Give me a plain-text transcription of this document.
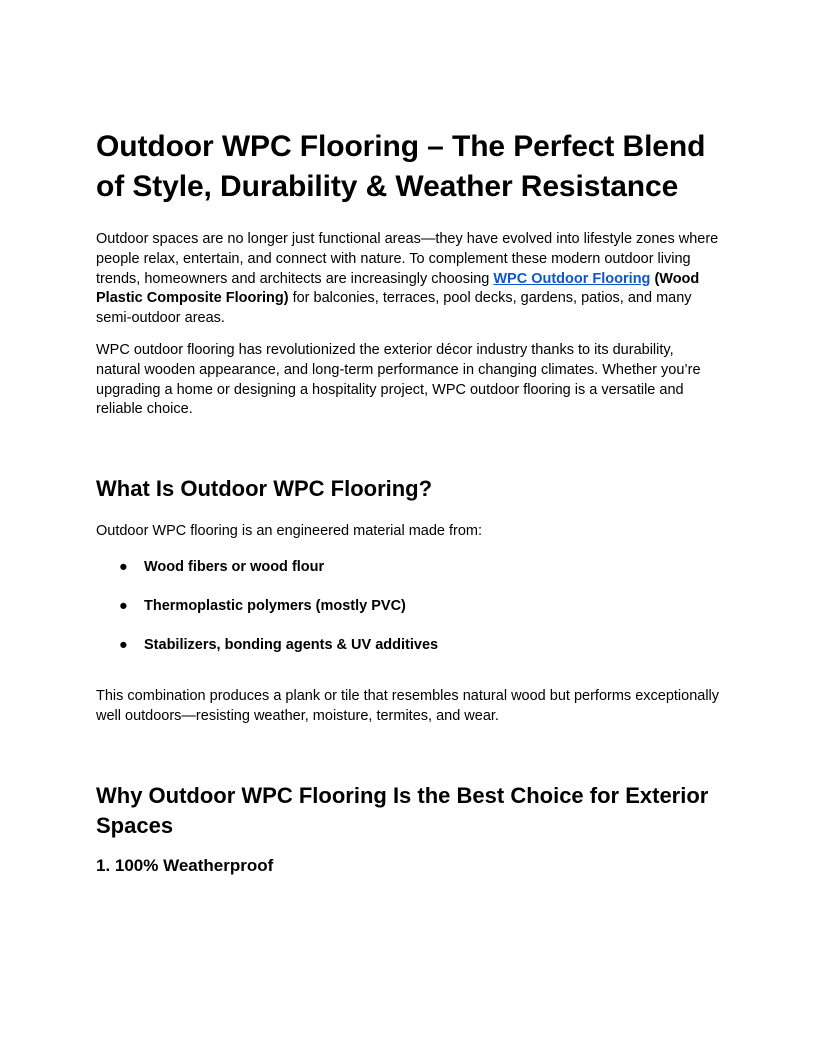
Outdoor WPC Flooring – The Perfect Blend of Style, Durability & Weather Resistance

Outdoor spaces are no longer just functional areas—they have evolved into lifestyle zones where people relax, entertain, and connect with nature. To complement these modern outdoor living trends, homeowners and architects are increasingly choosing WPC Outdoor Flooring (Wood Plastic Composite Flooring) for balconies, terraces, pool decks, gardens, patios, and many semi-outdoor areas.

WPC outdoor flooring has revolutionized the exterior décor industry thanks to its durability, natural wooden appearance, and long-term performance in changing climates. Whether you’re upgrading a home or designing a hospitality project, WPC outdoor flooring is a versatile and reliable choice.

What Is Outdoor WPC Flooring?

Outdoor WPC flooring is an engineered material made from:

● Wood fibers or wood flour
● Thermoplastic polymers (mostly PVC)
● Stabilizers, bonding agents & UV additives

This combination produces a plank or tile that resembles natural wood but performs exceptionally well outdoors—resisting weather, moisture, termites, and wear.

Why Outdoor WPC Flooring Is the Best Choice for Exterior Spaces
1. 100% Weatherproof
